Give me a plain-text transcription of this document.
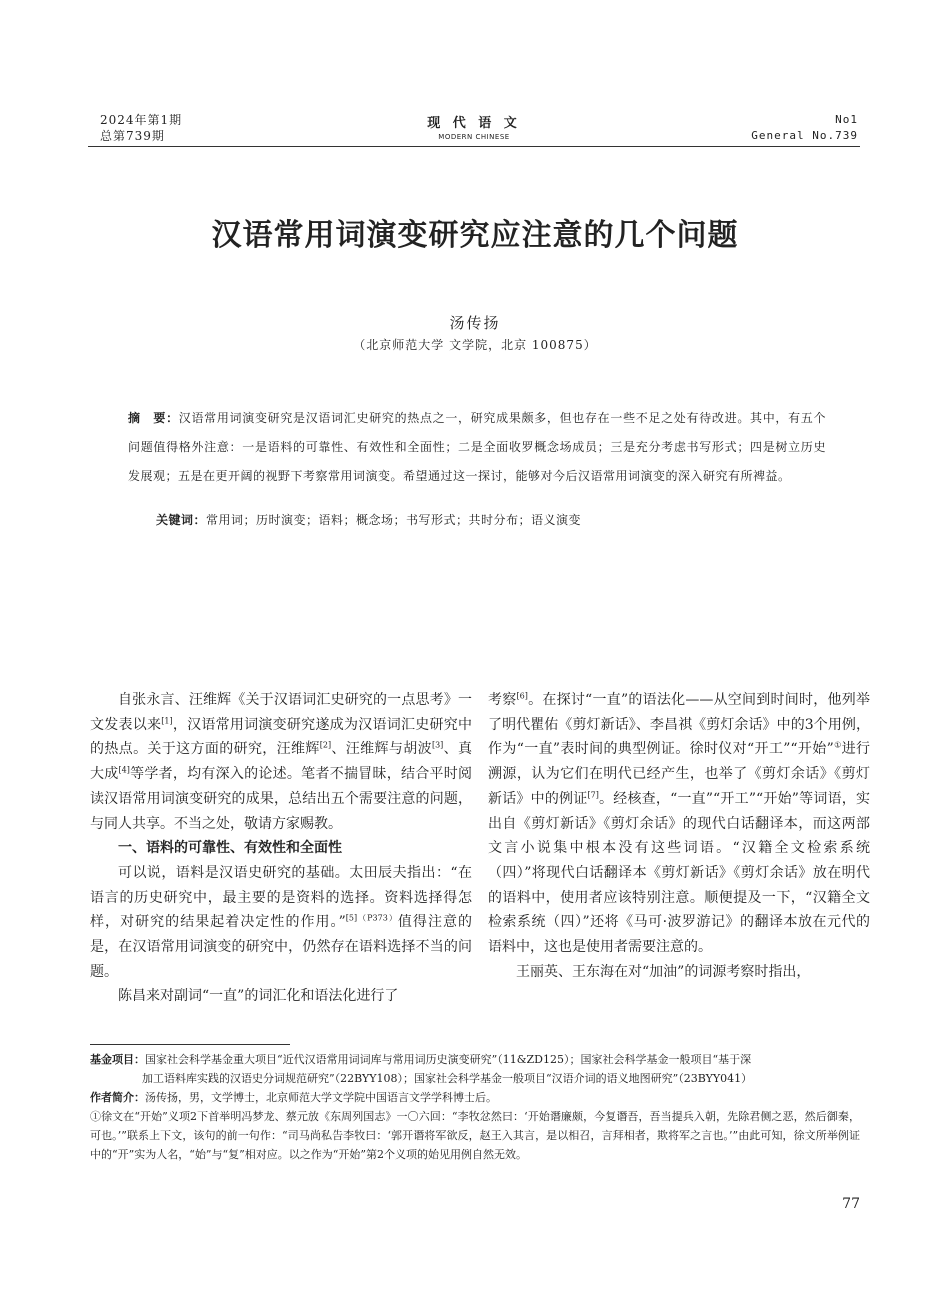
2024年第1期
总第739期
现 代 语 文
MODERN CHINESE
No1
General No.739
汉语常用词演变研究应注意的几个问题
汤传扬
（北京师范大学 文学院，北京 100875）
摘　要：汉语常用词演变研究是汉语词汇史研究的热点之一，研究成果颇多，但也存在一些不足之处有待改进。其中，有五个问题值得格外注意：一是语料的可靠性、有效性和全面性；二是全面收罗概念场成员；三是充分考虑书写形式；四是树立历史发展观；五是在更开阔的视野下考察常用词演变。希望通过这一探讨，能够对今后汉语常用词演变的深入研究有所裨益。
关键词：常用词；历时演变；语料；概念场；书写形式；共时分布；语义演变

自张永言、汪维辉《关于汉语词汇史研究的一点思考》一文发表以来[1]，汉语常用词演变研究遂成为汉语词汇史研究中的热点。关于这方面的研究，汪维辉[2]、汪维辉与胡波[3]、真大成[4]等学者，均有深入的论述。笔者不揣冒昧，结合平时阅读汉语常用词演变研究的成果，总结出五个需要注意的问题，与同人共享。不当之处，敬请方家赐教。

一、语料的可靠性、有效性和全面性

可以说，语料是汉语史研究的基础。太田辰夫指出：“在语言的历史研究中，最主要的是资料的选择。资料选择得怎样，对研究的结果起着决定性的作用。”$^{[5](P373)}$值得注意的是，在汉语常用词演变的研究中，仍然存在语料选择不当的问题。

陈昌来对副词“一直”的词汇化和语法化进行了

考察[6]。在探讨“一直”的语法化——从空间到时间时，他列举了明代瞿佑《剪灯新话》、李昌祺《剪灯余话》中的3个用例，作为“一直”表时间的典型例证。徐时仪对“开工”“开始”①进行溯源，认为它们在明代已经产生，也举了《剪灯余话》《剪灯新话》中的例证[7]。经核查，“一直”“开工”“开始”等词语，实出自《剪灯新话》《剪灯余话》的现代白话翻译本，而这两部文言小说集中根本没有这些词语。“汉籍全文检索系统（四）”将现代白话翻译本《剪灯新话》《剪灯余话》放在明代的语料中，使用者应该特别注意。顺便提及一下，“汉籍全文检索系统（四）”还将《马可·波罗游记》的翻译本放在元代的语料中，这也是使用者需要注意的。

王丽英、王东海在对“加油”的词源考察时指出，

基金项目：国家社会科学基金重大项目“近代汉语常用词词库与常用词历史演变研究”（11&ZD125）；国家社会科学基金一般项目“基于深

加工语料库实践的汉语史分词规范研究”（22BYY108）；国家社会科学基金一般项目“汉语介词的语义地图研究”（23BYY041）

作者简介：汤传扬，男，文学博士，北京师范大学文学院中国语言文学学科博士后。

①徐文在“开始”义项2下首举明冯梦龙、蔡元放《东周列国志》一〇六回：“李牧忿然曰：‘开始谮廉颇，今复谮吾，吾当提兵入朝，先除君侧之恶，然后御秦，可也。’”联系上下文，该句的前一句作：“司马尚私告李牧曰：‘郭开谮将军欲反，赵王入其言，是以相召，言拜相者，欺将军之言也。’”由此可知，徐文所举例证中的“开”实为人名，“始”与“复”相对应。以之作为“开始”第2个义项的始见用例自然无效。

77
